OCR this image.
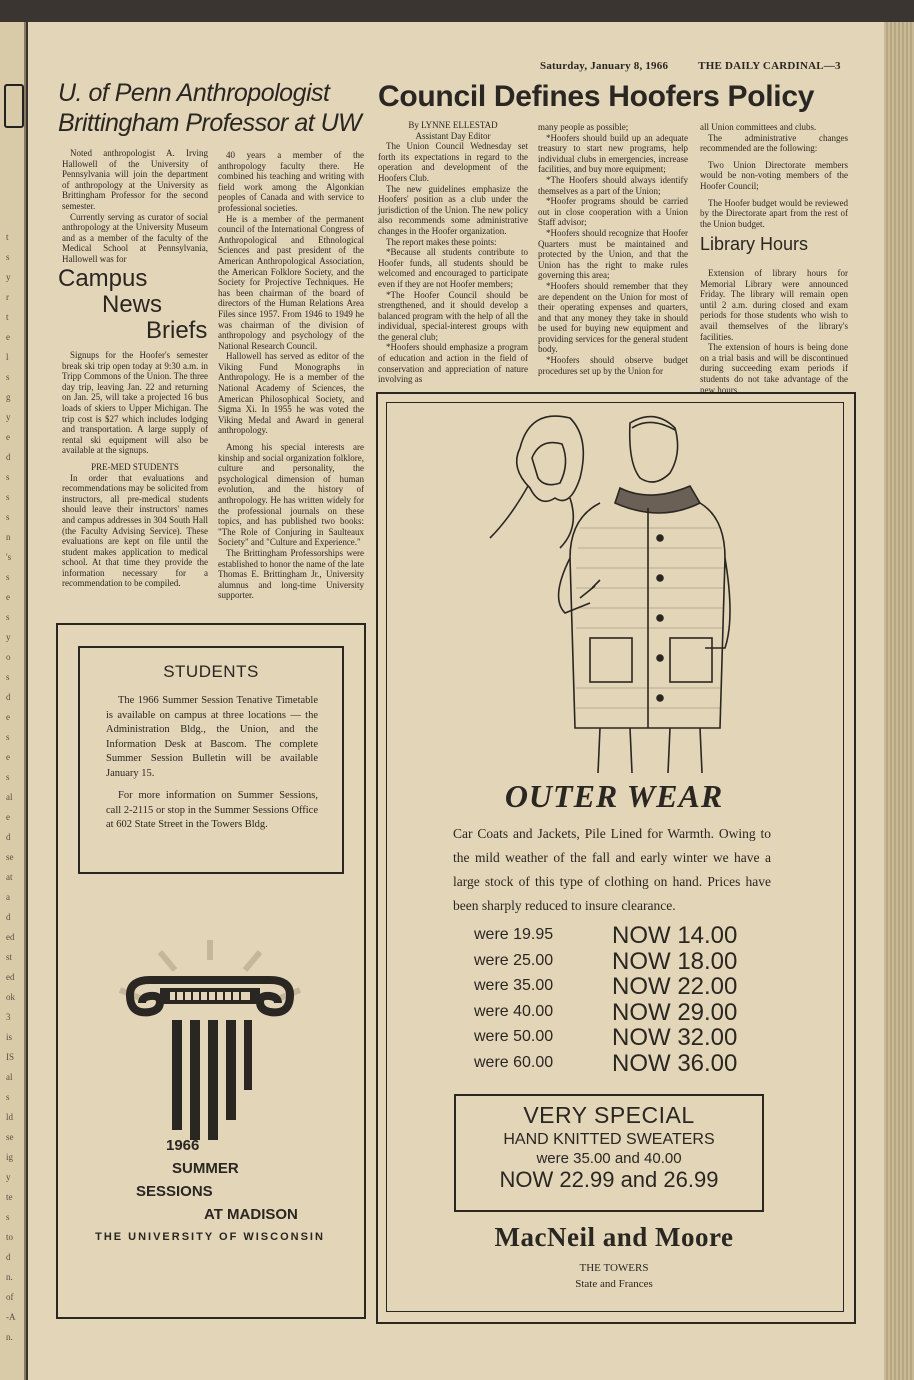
t
s
y
r
t
e
l
s
g
y
e
d
s
s
s
n
's
s
e
s
y
o
s
d
e
s
e
s
al
e
d
se
at
a
d
ed
st
ed
ok
3
is
IS
al
s
ld
se
ig
y
te
s
to
d
n.
of
-A
n.
Saturday, January 8, 1966	THE DAILY CARDINAL—3
U. of Penn Anthropologist Brittingham Professor at UW

Noted anthropologist A. Irving Hallowell of the University of Pennsylvania will join the department of anthropology at the University as Brittingham Professor for the second semester.

Currently serving as curator of social anthropology at the University Museum and as a member of the faculty of the Medical School at Pennsylvania, Hallowell was for

40 years a member of the anthropology faculty there. He combined his teaching and writing with field work among the Algonkian peoples of Canada and with service to professional societies.

He is a member of the permanent council of the International Congress of Anthropological and Ethnological Sciences and past president of the American Anthropological Association, the American Folklore Society, and the Society for Projective Techniques. He has been chairman of the board of directors of the Human Relations Area Files since 1957. From 1946 to 1949 he was chairman of the division of anthropology and psychology of the National Research Council.

Hallowell has served as editor of the Viking Fund Monographs in Anthropology. He is a member of the National Academy of Sciences, the American Philosophical Society, and Sigma Xi. In 1955 he was voted the Viking Medal and Award in general anthropology.

Among his special interests are kinship and social organization folklore, culture and personality, the psychological dimension of human evolution, and the history of anthropology. He has written widely for the professional journals on these topics, and has published two books: "The Role of Conjuring in Saulteaux Society" and "Culture and Experience."

The Brittingham Professorships were established to honor the name of the late Thomas E. Brittingham Jr., University alumnus and long-time University supporter.

Campus
News
Briefs

Signups for the Hoofer's semester break ski trip open today at 9:30 a.m. in Tripp Commons of the Union. The three day trip, leaving Jan. 22 and returning on Jan. 25, will take a projected 16 bus loads of skiers to Upper Michigan. The trip cost is $27 which includes lodging and transportation. A large supply of rental ski equipment will also be available at the signups.

PRE-MED STUDENTS

In order that evaluations and recommendations may be solicited from instructors, all pre-medical students should leave their instructors' names and campus addresses in 304 South Hall (the Faculty Advising Service). These evaluations are kept on file until the student makes application to medical school. At that time they provide the information necessary for a recommendation to be compiled.

Council Defines Hoofers Policy
By LYNNE ELLESTAD
Assistant Day Editor

The Union Council Wednesday set forth its expectations in regard to the operation and development of the Hoofers Club.

The new guidelines emphasize the Hoofers' position as a club under the jurisdiction of the Union. The new policy also recommends some administrative changes in the Hoofer organization.

The report makes these points:

*Because all students contribute to Hoofer funds, all students should be welcomed and encouraged to participate even if they are not Hoofer members;

*The Hoofer Council should be strengthened, and it should develop a balanced program with the help of all the individual, special-interest groups with the general club;

*Hoofers should emphasize a program of education and action in the field of conservation and appreciation of nature involving as

many people as possible;

*Hoofers should build up an adequate treasury to start new programs, help individual clubs in emergencies, increase facilities, and buy more equipment;

*The Hoofers should always identify themselves as a part of the Union;

*Hoofer programs should be carried out in close cooperation with a Union Staff advisor;

*Hoofers should recognize that Hoofer Quarters must be maintained and protected by the Union, and that the Union has the right to make rules governing this area;

*Hoofers should remember that they are dependent on the Union for most of their operating expenses and quarters, and that any money they take in should be used for buying new equipment and providing services for the general student body.

*Hoofers should observe budget procedures set up by the Union for

all Union committees and clubs.

The administrative changes recommended are the following:

Two Union Directorate members would be non-voting members of the Hoofer Council;

The Hoofer budget would be reviewed by the Directorate apart from the rest of the Union budget.

Library Hours

Extension of library hours for Memorial Library were announced Friday. The library will remain open until 2 a.m. during closed and exam periods for those students who wish to avail themselves of the library's facilities.

The extension of hours is being done on a trial basis and will be discontinued during succeeding exam periods if students do not take advantage of the new hours.

STUDENTS

The 1966 Summer Session Tenative Timetable is available on campus at three locations — the Administration Bldg., the Union, and the Information Desk at Bascom. The complete Summer Session Bulletin will be available January 15.

For more information on Summer Sessions, call 2-2115 or stop in the Summer Sessions Office at 602 State Street in the Towers Bldg.

1966
SUMMER
SESSIONS
AT MADISON
THE UNIVERSITY OF WISCONSIN
OUTER WEAR
Car Coats and Jackets, Pile Lined for Warmth. Owing to the mild weather of the fall and early winter we have a large stock of this type of clothing on hand. Prices have been sharply reduced to insure clearance.
were 19.95 NOW 14.00
were 25.00 NOW 18.00
were 35.00 NOW 22.00
were 40.00 NOW 29.00
were 50.00 NOW 32.00
were 60.00 NOW 36.00
VERY SPECIAL
HAND KNITTED SWEATERS
were 35.00 and 40.00
NOW 22.99 and 26.99
MacNeil and Moore
THE TOWERS
State and Frances
